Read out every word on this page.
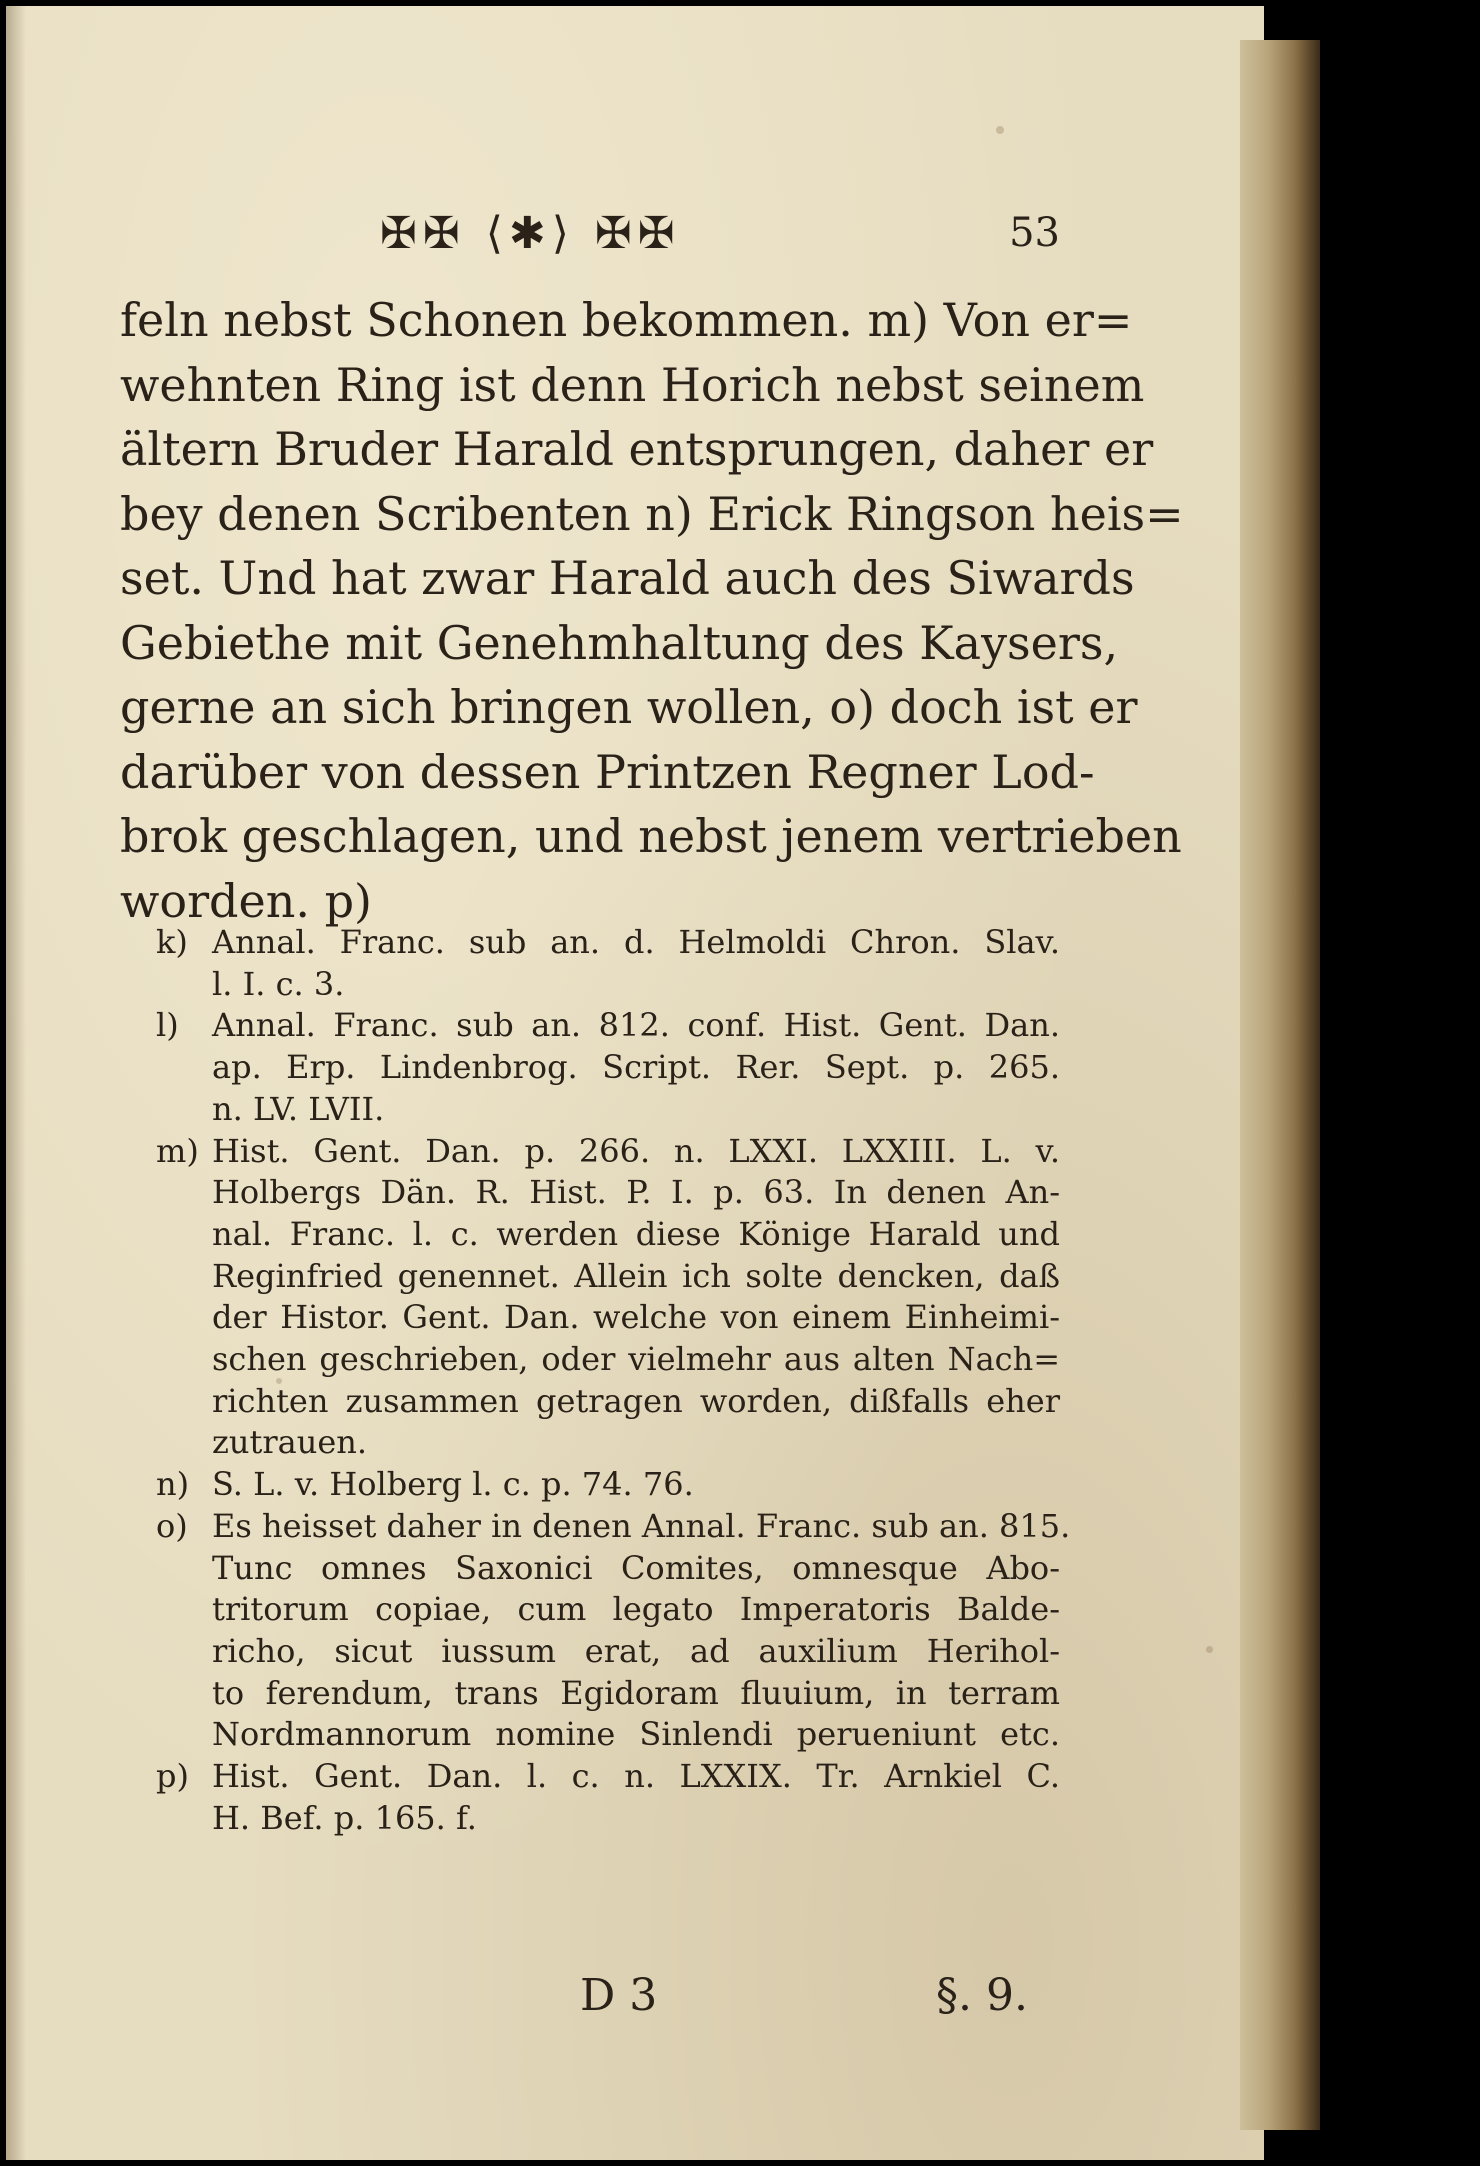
✠✠ ⟨✱⟩ ✠✠	53
feln nebst Schonen bekommen. m) Von er=
wehnten Ring ist denn Horich nebst seinem
ältern Bruder Harald entsprungen, daher er
bey denen Scribenten n) Erick Ringson heis=
set. Und hat zwar Harald auch des Siwards
Gebiethe mit Genehmhaltung des Kaysers,
gerne an sich bringen wollen, o) doch ist er
darüber von dessen Printzen Regner Lod-
brok geschlagen, und nebst jenem vertrieben
worden. p)
k) Annal. Franc. sub an. d. Helmoldi Chron. Slav.
l. I. c. 3.
l) Annal. Franc. sub an. 812. conf. Hist. Gent. Dan.
ap. Erp. Lindenbrog. Script. Rer. Sept. p. 265.
n. LV. LVII.
m) Hist. Gent. Dan. p. 266. n. LXXI. LXXIII. L. v.
Holbergs Dän. R. Hist. P. I. p. 63. In denen An-
nal. Franc. l. c. werden diese Könige Harald und
Reginfried genennet. Allein ich solte dencken, daß
der Histor. Gent. Dan. welche von einem Einheimi-
schen geschrieben, oder vielmehr aus alten Nach=
richten zusammen getragen worden, dißfalls eher
zutrauen.
n) S. L. v. Holberg l. c. p. 74. 76.
o) Es heisset daher in denen Annal. Franc. sub an. 815.
Tunc omnes Saxonici Comites, omnesque Abo-
tritorum copiae, cum legato Imperatoris Balde-
richo, sicut iussum erat, ad auxilium Herihol-
to ferendum, trans Egidoram fluuium, in terram
Nordmannorum nomine Sinlendi perueniunt etc.
p) Hist. Gent. Dan. l. c. n. LXXIX. Tr. Arnkiel C.
H. Bef. p. 165. f.
D 3	§. 9.
